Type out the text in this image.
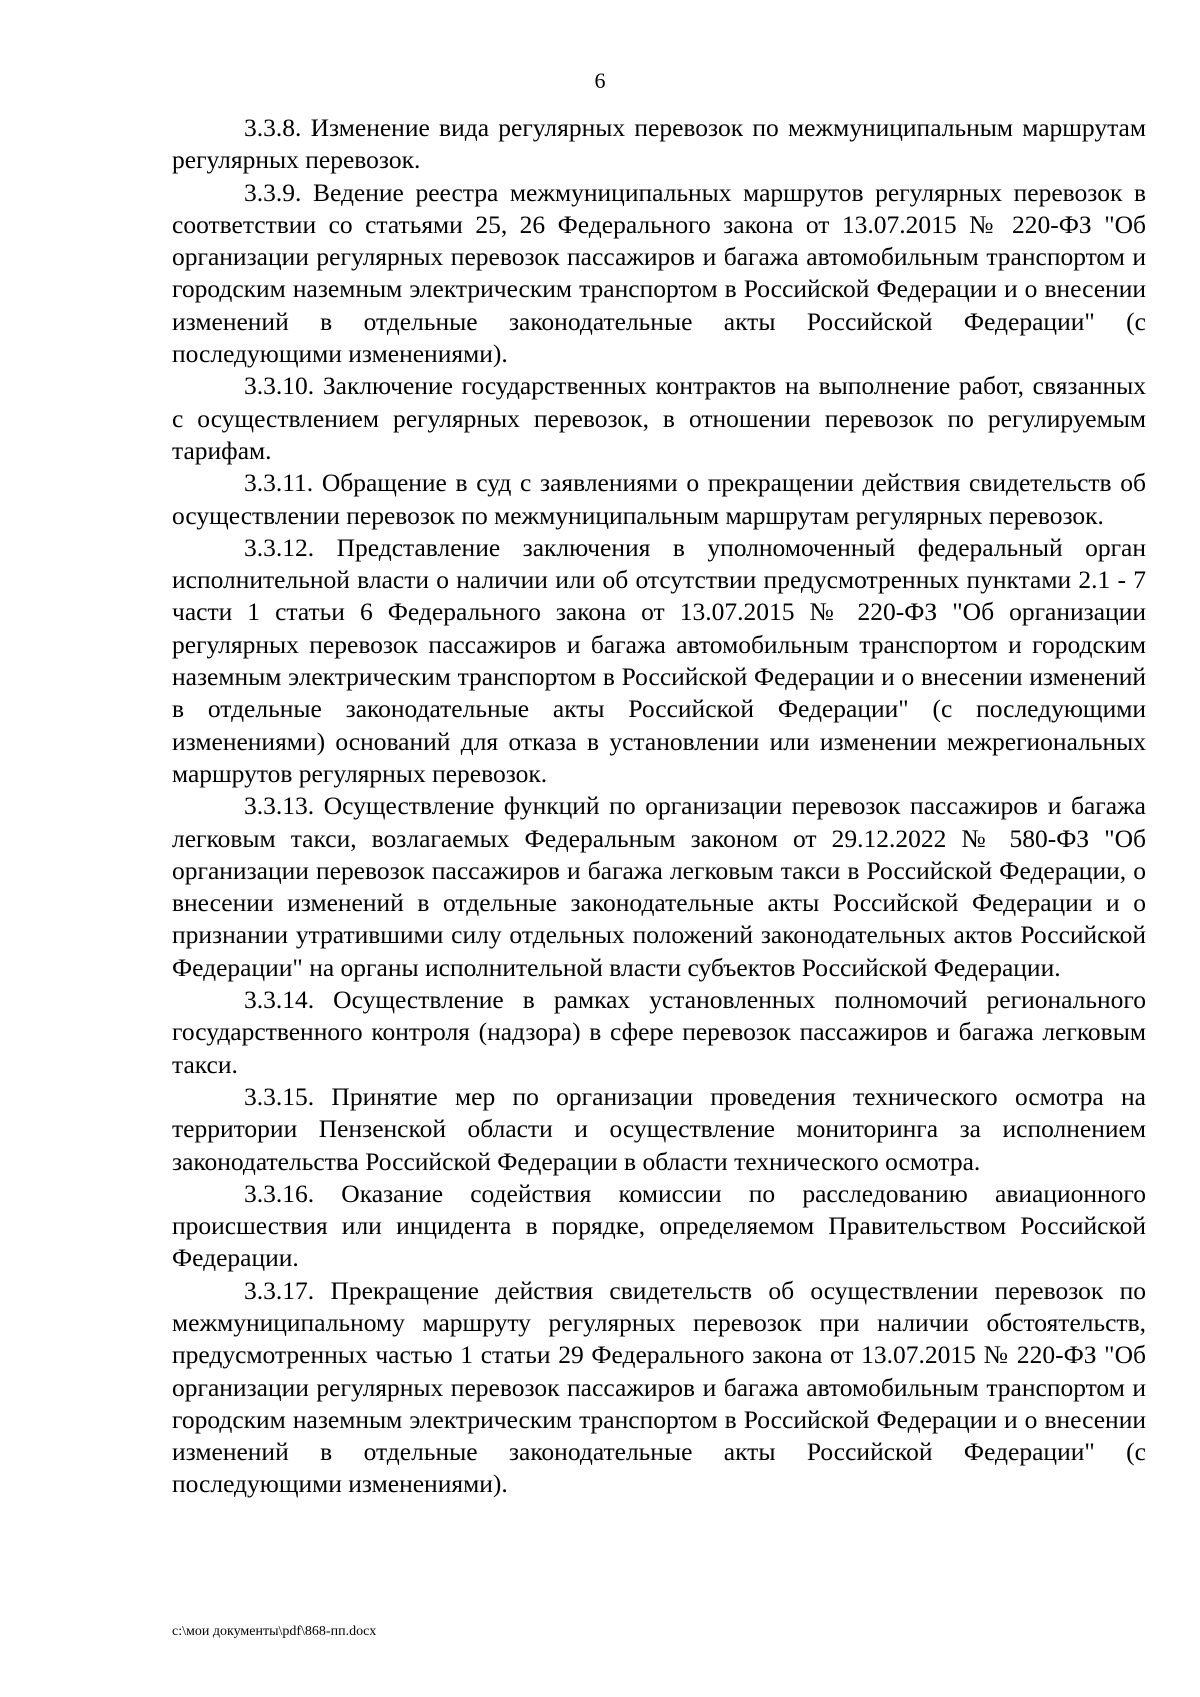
6

3.3.8. Изменение вида регулярных перевозок по межмуниципальным маршрутам регулярных перевозок.

3.3.9. Ведение реестра межмуниципальных маршрутов регулярных перевозок в соответствии со статьями 25, 26 Федерального закона от 13.07.2015 № 220-ФЗ "Об организации регулярных перевозок пассажиров и багажа автомобильным транспортом и городским наземным электрическим транспортом в Российской Федерации и о внесении изменений в отдельные законодательные акты Российской Федерации" (с последующими изменениями).

3.3.10. Заключение государственных контрактов на выполнение работ, связанных с осуществлением регулярных перевозок, в отношении перевозок по регулируемым тарифам.

3.3.11. Обращение в суд с заявлениями о прекращении действия свидетельств об осуществлении перевозок по межмуниципальным маршрутам регулярных перевозок.

3.3.12. Представление заключения в уполномоченный федеральный орган исполнительной власти о наличии или об отсутствии предусмотренных пунктами 2.1 - 7 части 1 статьи 6 Федерального закона от 13.07.2015 № 220-ФЗ "Об организации регулярных перевозок пассажиров и багажа автомобильным транспортом и городским наземным электрическим транспортом в Российской Федерации и о внесении изменений в отдельные законодательные акты Российской Федерации" (с последующими изменениями) оснований для отказа в установлении или изменении межрегиональных маршрутов регулярных перевозок.

3.3.13. Осуществление функций по организации перевозок пассажиров и багажа легковым такси, возлагаемых Федеральным законом от 29.12.2022 № 580-ФЗ "Об организации перевозок пассажиров и багажа легковым такси в Российской Федерации, о внесении изменений в отдельные законодательные акты Российской Федерации и о признании утратившими силу отдельных положений законодательных актов Российской Федерации" на органы исполнительной власти субъектов Российской Федерации.

3.3.14. Осуществление в рамках установленных полномочий регионального государственного контроля (надзора) в сфере перевозок пассажиров и багажа легковым такси.

3.3.15. Принятие мер по организации проведения технического осмотра на территории Пензенской области и осуществление мониторинга за исполнением законодательства Российской Федерации в области технического осмотра.

3.3.16. Оказание содействия комиссии по расследованию авиационного происшествия или инцидента в порядке, определяемом Правительством Российской Федерации.

3.3.17. Прекращение действия свидетельств об осуществлении перевозок по межмуниципальному маршруту регулярных перевозок при наличии обстоятельств, предусмотренных частью 1 статьи 29 Федерального закона от 13.07.2015 № 220-ФЗ "Об организации регулярных перевозок пассажиров и багажа автомобильным транспортом и городским наземным электрическим транспортом в Российской Федерации и о внесении изменений в отдельные законодательные акты Российской Федерации" (с последующими изменениями).

c:\мои документы\pdf\868-пп.docx
